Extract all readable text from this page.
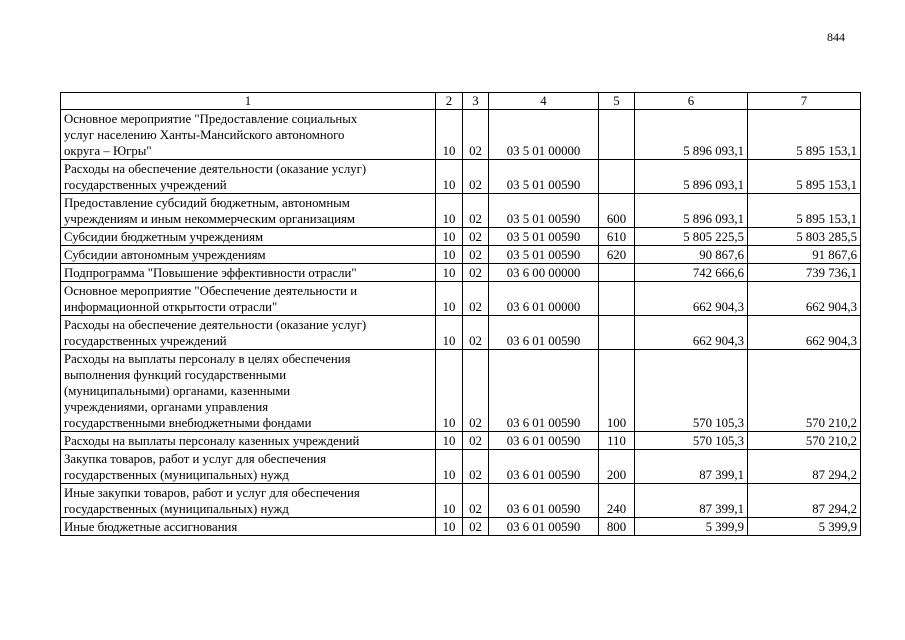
844
1	2	3	4	5	6	7

Основное мероприятие "Предоставление социальных
услуг населению Ханты-Мансийского автономного
округа – Югры"	10	02	03 5 01 00000		5 896 093,1	5 895 153,1

Расходы на обеспечение деятельности (оказание услуг)
государственных учреждений	10	02	03 5 01 00590		5 896 093,1	5 895 153,1

Предоставление субсидий бюджетным, автономным
учреждениям и иным некоммерческим организациям	10	02	03 5 01 00590	600	5 896 093,1	5 895 153,1

Субсидии бюджетным учреждениям	10	02	03 5 01 00590	610	5 805 225,5	5 803 285,5

Субсидии автономным учреждениям	10	02	03 5 01 00590	620	90 867,6	91 867,6

Подпрограмма "Повышение эффективности отрасли"	10	02	03 6 00 00000		742 666,6	739 736,1

Основное мероприятие "Обеспечение деятельности и
информационной открытости отрасли"	10	02	03 6 01 00000		662 904,3	662 904,3

Расходы на обеспечение деятельности (оказание услуг)
государственных учреждений	10	02	03 6 01 00590		662 904,3	662 904,3

Расходы на выплаты персоналу в целях обеспечения
выполнения функций государственными
(муниципальными) органами, казенными
учреждениями, органами управления
государственными внебюджетными фондами	10	02	03 6 01 00590	100	570 105,3	570 210,2

Расходы на выплаты персоналу казенных учреждений	10	02	03 6 01 00590	110	570 105,3	570 210,2

Закупка товаров, работ и услуг для обеспечения
государственных (муниципальных) нужд	10	02	03 6 01 00590	200	87 399,1	87 294,2

Иные закупки товаров, работ и услуг для обеспечения
государственных (муниципальных) нужд	10	02	03 6 01 00590	240	87 399,1	87 294,2

Иные бюджетные ассигнования	10	02	03 6 01 00590	800	5 399,9	5 399,9
